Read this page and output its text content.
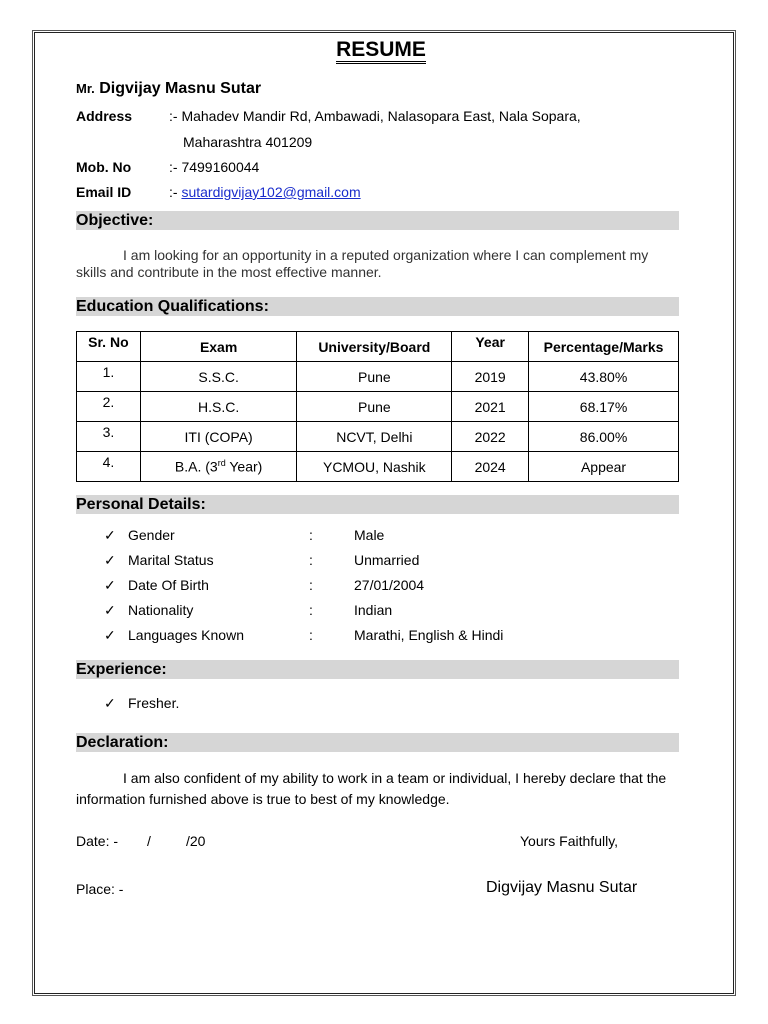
RESUME
Mr. Digvijay Masnu Sutar
Address	:- Mahadev Mandir Rd, Ambawadi, Nalasopara East, Nala Sopara,
Maharashtra 401209
Mob. No	:- 7499160044
Email ID	:- sutardigvijay102@gmail.com
Objective:
I am looking for an opportunity in a reputed organization where I can complement my skills and contribute in the most effective manner.
Education Qualifications:
Sr. No	Exam	University/Board	Year	Percentage/Marks
1.	S.S.C.	Pune	2019	43.80%
2.	H.S.C.	Pune	2021	68.17%
3.	ITI (COPA)	NCVT, Delhi	2022	86.00%
4.	B.A. (3rd Year)	YCMOU, Nashik	2024	Appear
Personal Details:
✓ Gender	:	Male
✓ Marital Status	:	Unmarried
✓ Date Of Birth	:	27/01/2004
✓ Nationality	:	Indian
✓ Languages Known	:	Marathi, English & Hindi
Experience:
✓ Fresher.
Declaration:
I am also confident of my ability to work in a team or individual, I hereby declare that the information furnished above is true to best of my knowledge.
Date: - /	/20	Yours Faithfully,
Place: -	Digvijay Masnu Sutar
